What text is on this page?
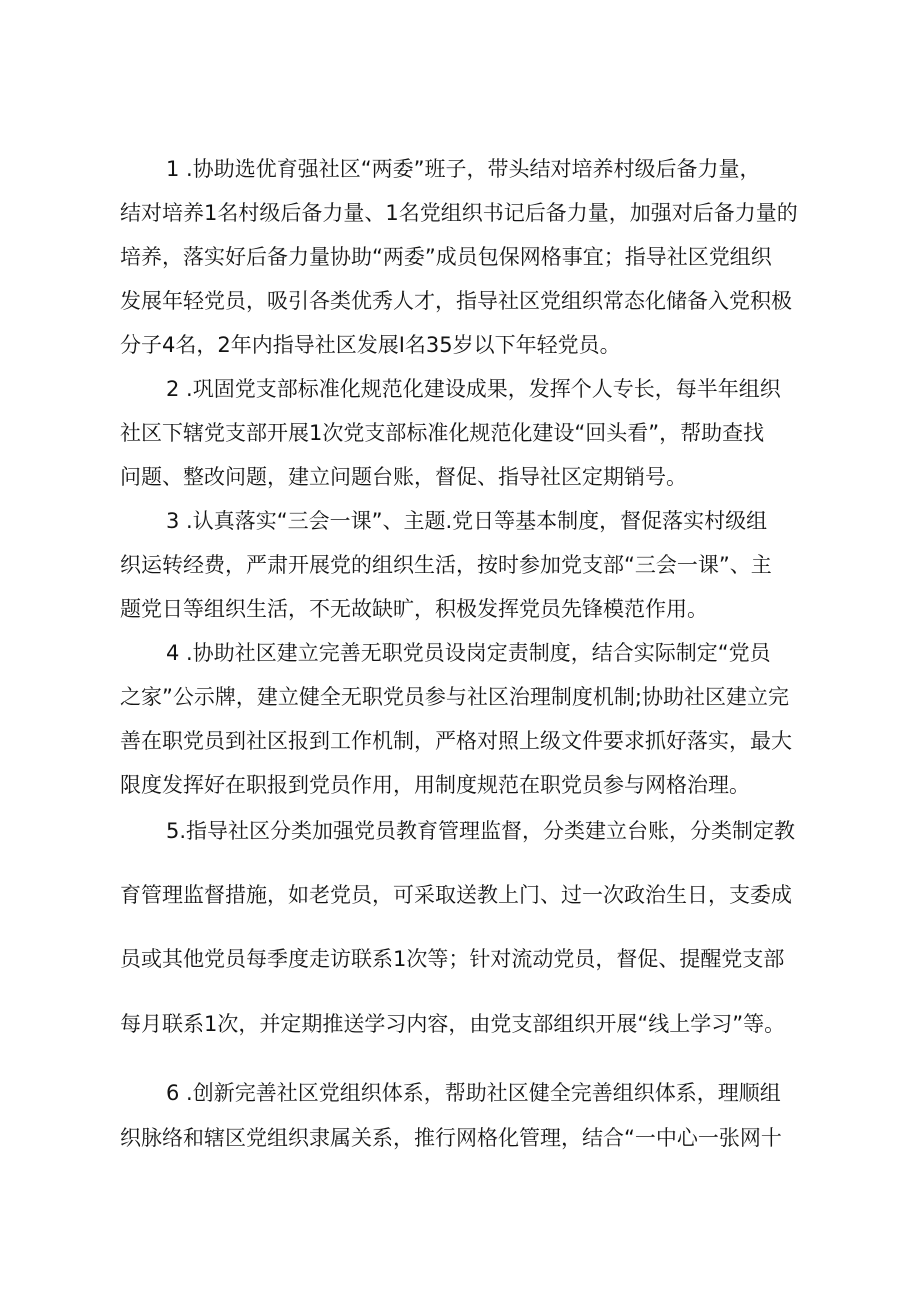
1 .协助选优育强社区“两委”班子，带头结对培养村级后备力量，
结对培养1名村级后备力量、1名党组织书记后备力量，加强对后备力量的
培养，落实好后备力量协助“两委”成员包保网格事宜；指导社区党组织
发展年轻党员，吸引各类优秀人才，指导社区党组织常态化储备入党积极
分子4名，2年内指导社区发展I名35岁以下年轻党员。
2 .巩固党支部标准化规范化建设成果，发挥个人专长，每半年组织
社区下辖党支部开展1次党支部标准化规范化建设“回头看”，帮助查找
问题、整改问题，建立问题台账，督促、指导社区定期销号。
3 .认真落实“三会一课”、主题.党日等基本制度，督促落实村级组
织运转经费，严肃开展党的组织生活，按时参加党支部“三会一课”、主
题党日等组织生活，不无故缺旷，积极发挥党员先锋模范作用。
4 .协助社区建立完善无职党员设岗定责制度，结合实际制定“党员
之家”公示牌，建立健全无职党员参与社区治理制度机制;协助社区建立完
善在职党员到社区报到工作机制，严格对照上级文件要求抓好落实，最大
限度发挥好在职报到党员作用，用制度规范在职党员参与网格治理。
5.指导社区分类加强党员教育管理监督，分类建立台账，分类制定教
育管理监督措施，如老党员，可采取送教上门、过一次政治生日，支委成
员或其他党员每季度走访联系1次等；针对流动党员，督促、提醒党支部
每月联系1次，并定期推送学习内容，由党支部组织开展“线上学习”等。
6 .创新完善社区党组织体系，帮助社区健全完善组织体系，理顺组
织脉络和辖区党组织隶属关系，推行网格化管理，结合“一中心一张网十
